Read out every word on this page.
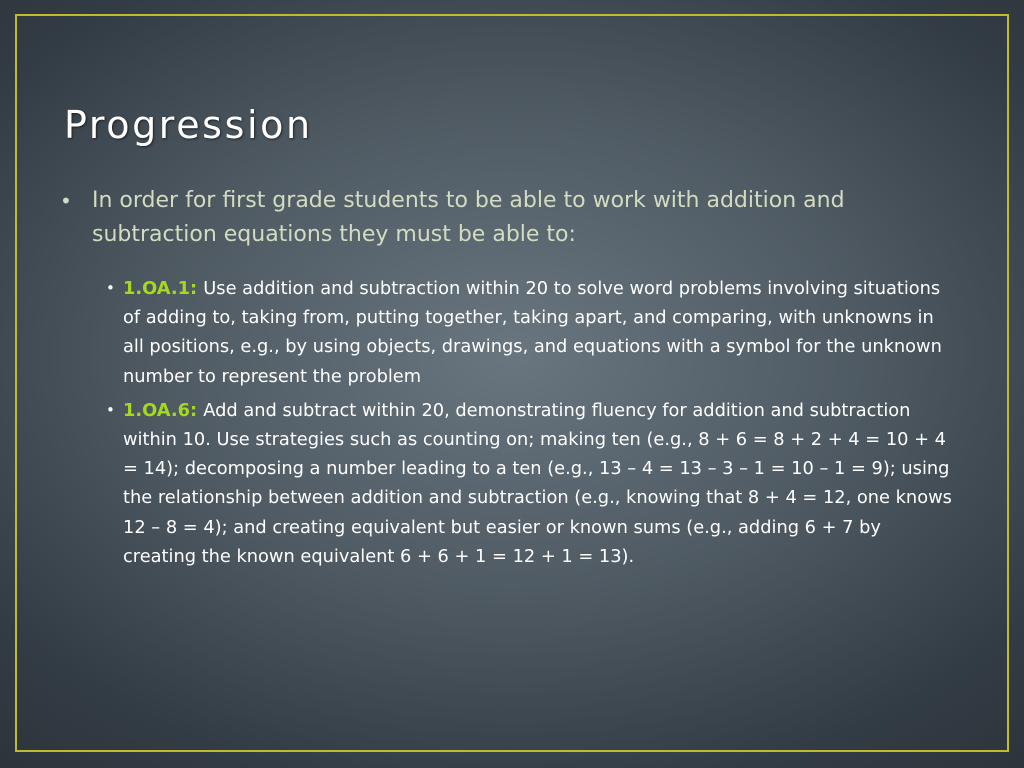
Progression

• In order for first grade students to be able to work with addition and subtraction equations they must be able to:

• 1.OA.1: Use addition and subtraction within 20 to solve word problems involving situations of adding to, taking from, putting together, taking apart, and comparing, with unknowns in all positions, e.g., by using objects, drawings, and equations with a symbol for the unknown number to represent the problem
• 1.OA.6: Add and subtract within 20, demonstrating fluency for addition and subtraction within 10. Use strategies such as counting on; making ten (e.g., 8 + 6 = 8 + 2 + 4 = 10 + 4 = 14); decomposing a number leading to a ten (e.g., 13 – 4 = 13 – 3 – 1 = 10 – 1 = 9); using the relationship between addition and subtraction (e.g., knowing that 8 + 4 = 12, one knows 12 – 8 = 4); and creating equivalent but easier or known sums (e.g., adding 6 + 7 by creating the known equivalent 6 + 6 + 1 = 12 + 1 = 13).
